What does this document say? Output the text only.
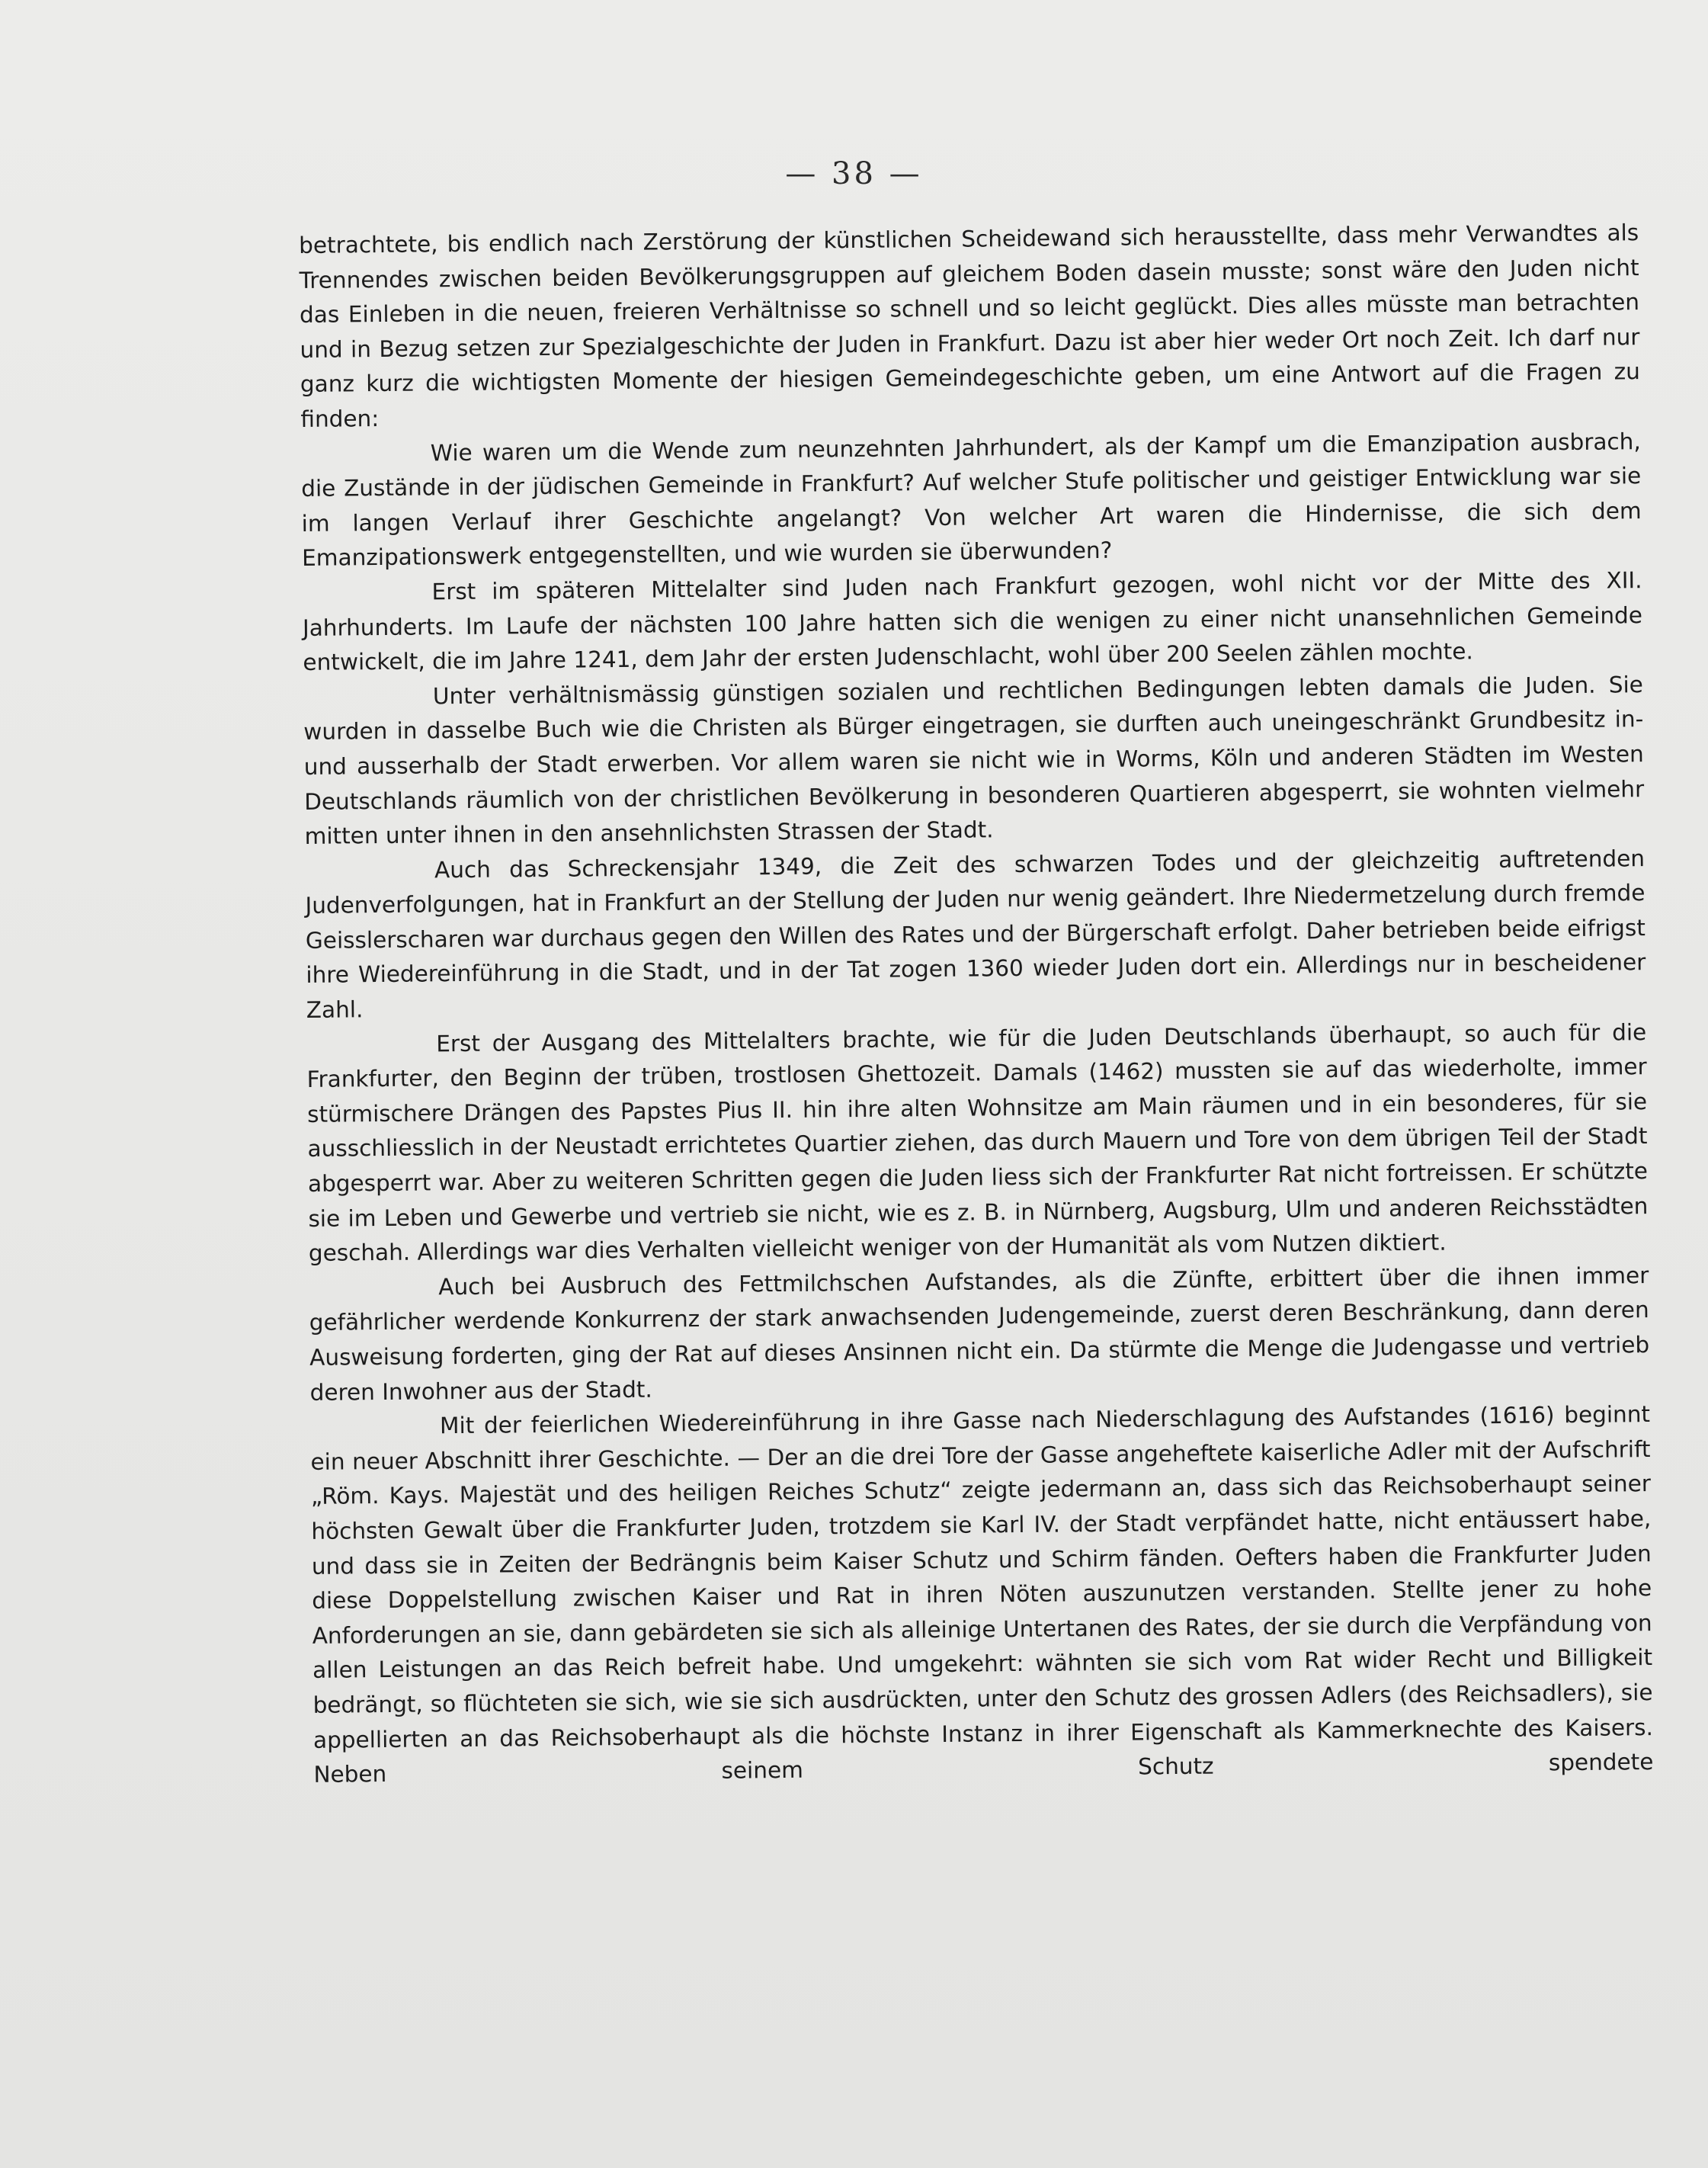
— 38 —

betrachtete, bis endlich nach Zerstörung der künstlichen Scheidewand sich herausstellte, dass mehr Verwandtes als Trennendes zwischen beiden Bevölkerungsgruppen auf gleichem Boden dasein musste; sonst wäre den Juden nicht das Einleben in die neuen, freieren Verhältnisse so schnell und so leicht geglückt. Dies alles müsste man betrachten und in Bezug setzen zur Spezialgeschichte der Juden in Frankfurt. Dazu ist aber hier weder Ort noch Zeit. Ich darf nur ganz kurz die wichtigsten Momente der hiesigen Gemeindegeschichte geben, um eine Antwort auf die Fragen zu finden:

Wie waren um die Wende zum neunzehnten Jahrhundert, als der Kampf um die Emanzipation ausbrach, die Zustände in der jüdischen Gemeinde in Frankfurt? Auf welcher Stufe politischer und geistiger Entwicklung war sie im langen Verlauf ihrer Geschichte angelangt? Von welcher Art waren die Hindernisse, die sich dem Emanzipationswerk entgegenstellten, und wie wurden sie überwunden?

Erst im späteren Mittelalter sind Juden nach Frankfurt gezogen, wohl nicht vor der Mitte des XII. Jahrhunderts. Im Laufe der nächsten 100 Jahre hatten sich die wenigen zu einer nicht unansehnlichen Gemeinde entwickelt, die im Jahre 1241, dem Jahr der ersten Judenschlacht, wohl über 200 Seelen zählen mochte.

Unter verhältnismässig günstigen sozialen und rechtlichen Bedingungen lebten damals die Juden. Sie wurden in dasselbe Buch wie die Christen als Bürger eingetragen, sie durften auch uneingeschränkt Grundbesitz in- und ausserhalb der Stadt erwerben. Vor allem waren sie nicht wie in Worms, Köln und anderen Städten im Westen Deutschlands räumlich von der christlichen Bevölkerung in besonderen Quartieren abgesperrt, sie wohnten vielmehr mitten unter ihnen in den ansehnlichsten Strassen der Stadt.

Auch das Schreckensjahr 1349, die Zeit des schwarzen Todes und der gleichzeitig auftretenden Judenverfolgungen, hat in Frankfurt an der Stellung der Juden nur wenig geändert. Ihre Niedermetzelung durch fremde Geisslerscharen war durchaus gegen den Willen des Rates und der Bürgerschaft erfolgt. Daher betrieben beide eifrigst ihre Wiedereinführung in die Stadt, und in der Tat zogen 1360 wieder Juden dort ein. Allerdings nur in bescheidener Zahl.

Erst der Ausgang des Mittelalters brachte, wie für die Juden Deutschlands überhaupt, so auch für die Frankfurter, den Beginn der trüben, trostlosen Ghettozeit. Damals (1462) mussten sie auf das wiederholte, immer stürmischere Drängen des Papstes Pius II. hin ihre alten Wohnsitze am Main räumen und in ein besonderes, für sie ausschliesslich in der Neustadt errichtetes Quartier ziehen, das durch Mauern und Tore von dem übrigen Teil der Stadt abgesperrt war. Aber zu weiteren Schritten gegen die Juden liess sich der Frankfurter Rat nicht fortreissen. Er schützte sie im Leben und Gewerbe und vertrieb sie nicht, wie es z. B. in Nürnberg, Augsburg, Ulm und anderen Reichsstädten geschah. Allerdings war dies Verhalten vielleicht weniger von der Humanität als vom Nutzen diktiert.

Auch bei Ausbruch des Fettmilchschen Aufstandes, als die Zünfte, erbittert über die ihnen immer gefährlicher werdende Konkurrenz der stark anwachsenden Judengemeinde, zuerst deren Beschränkung, dann deren Ausweisung forderten, ging der Rat auf dieses Ansinnen nicht ein. Da stürmte die Menge die Judengasse und vertrieb deren Inwohner aus der Stadt.

Mit der feierlichen Wiedereinführung in ihre Gasse nach Niederschlagung des Aufstandes (1616) beginnt ein neuer Abschnitt ihrer Geschichte. — Der an die drei Tore der Gasse angeheftete kaiserliche Adler mit der Aufschrift „Röm. Kays. Majestät und des heiligen Reiches Schutz“ zeigte jedermann an, dass sich das Reichsoberhaupt seiner höchsten Gewalt über die Frankfurter Juden, trotzdem sie Karl IV. der Stadt verpfändet hatte, nicht entäussert habe, und dass sie in Zeiten der Bedrängnis beim Kaiser Schutz und Schirm fänden. Oefters haben die Frankfurter Juden diese Doppelstellung zwischen Kaiser und Rat in ihren Nöten auszunutzen verstanden. Stellte jener zu hohe Anforderungen an sie, dann gebärdeten sie sich als alleinige Untertanen des Rates, der sie durch die Verpfändung von allen Leistungen an das Reich befreit habe. Und umgekehrt: wähnten sie sich vom Rat wider Recht und Billigkeit bedrängt, so flüchteten sie sich, wie sie sich ausdrückten, unter den Schutz des grossen Adlers (des Reichsadlers), sie appellierten an das Reichsoberhaupt als die höchste Instanz in ihrer Eigenschaft als Kammerknechte des Kaisers. Neben seinem Schutz spendete
